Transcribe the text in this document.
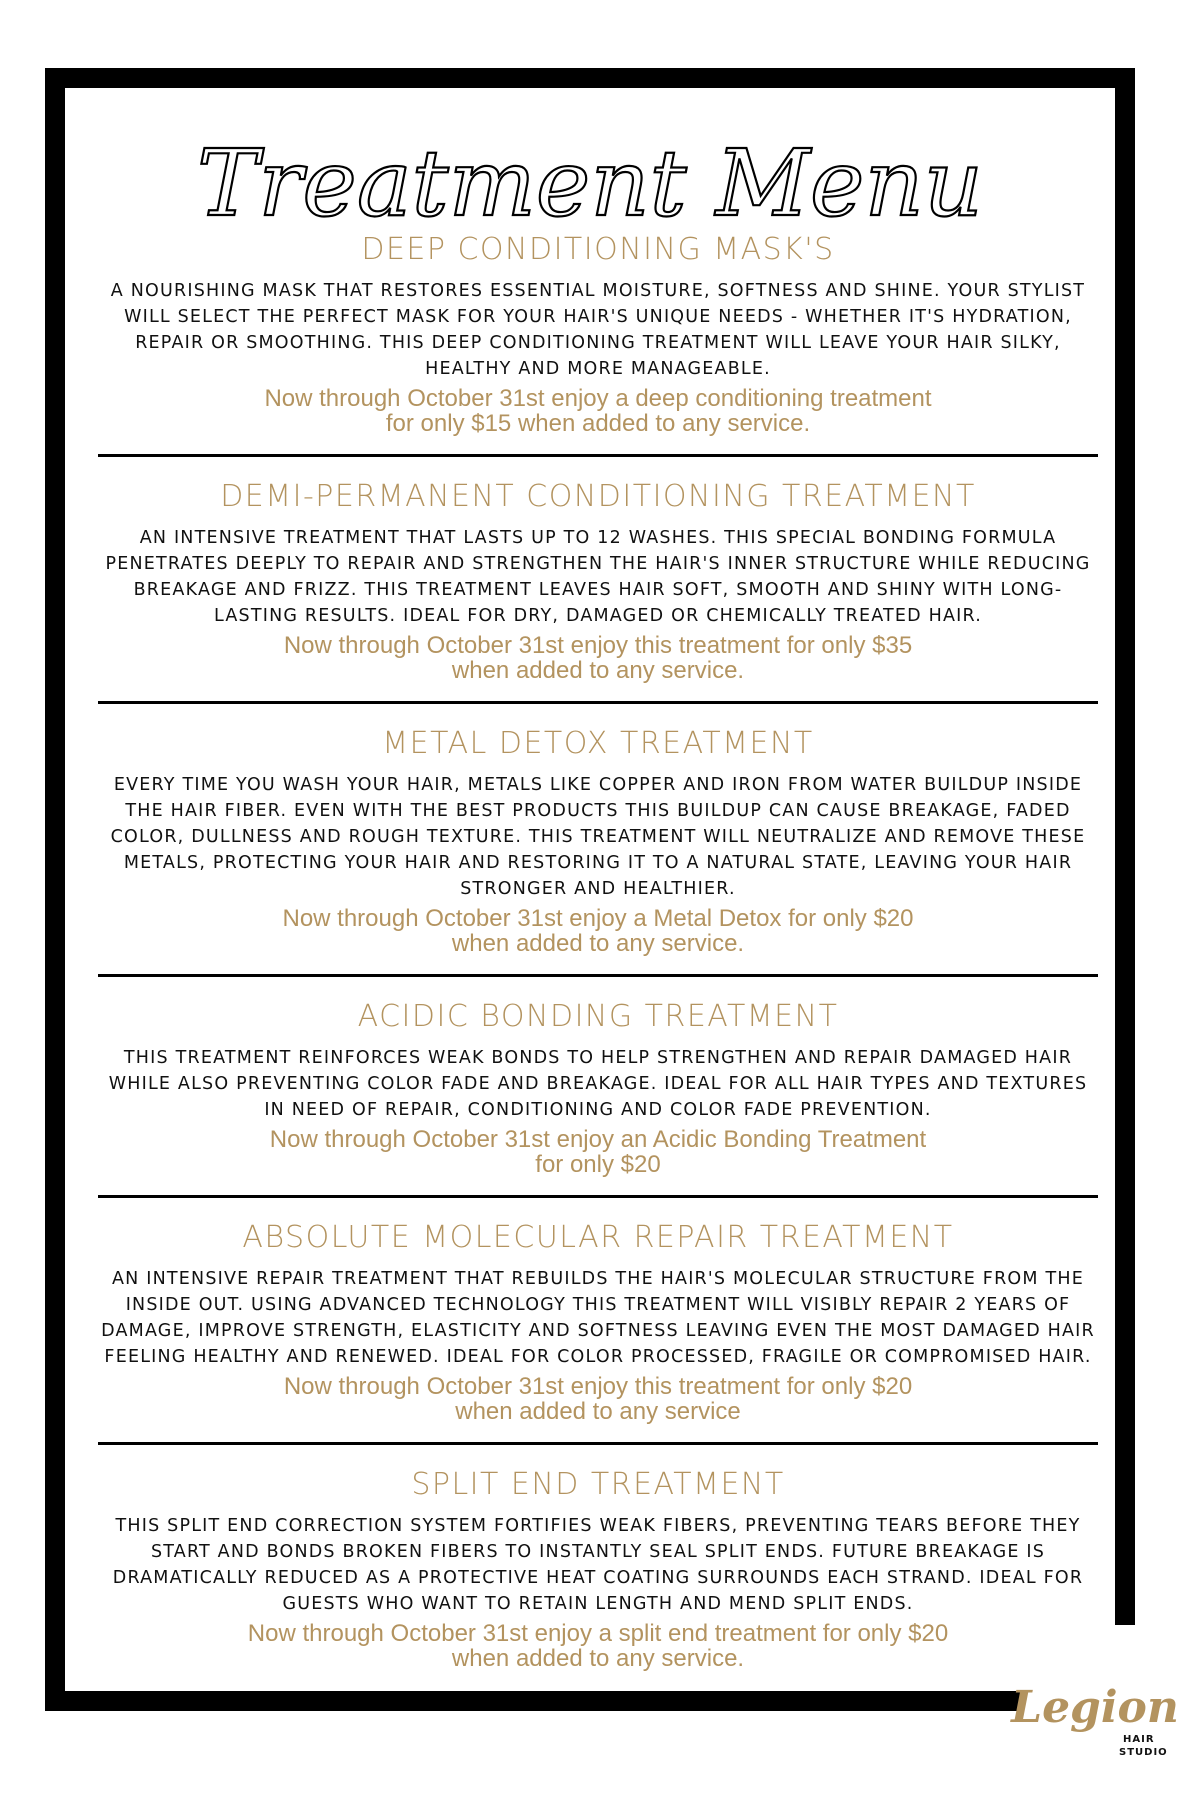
Treatment Menu
DEEP CONDITIONING MASK'S
A NOURISHING MASK THAT RESTORES ESSENTIAL MOISTURE, SOFTNESS AND SHINE. YOUR STYLIST WILL SELECT THE PERFECT MASK FOR YOUR HAIR'S UNIQUE NEEDS - WHETHER IT'S HYDRATION, REPAIR OR SMOOTHING. THIS DEEP CONDITIONING TREATMENT WILL LEAVE YOUR HAIR SILKY, HEALTHY AND MORE MANAGEABLE.
Now through October 31st enjoy a deep conditioning treatment
for only $15 when added to any service.
DEMI-PERMANENT CONDITIONING TREATMENT
AN INTENSIVE TREATMENT THAT LASTS UP TO 12 WASHES. THIS SPECIAL BONDING FORMULA PENETRATES DEEPLY TO REPAIR AND STRENGTHEN THE HAIR'S INNER STRUCTURE WHILE REDUCING BREAKAGE AND FRIZZ. THIS TREATMENT LEAVES HAIR SOFT, SMOOTH AND SHINY WITH LONG-LASTING RESULTS. IDEAL FOR DRY, DAMAGED OR CHEMICALLY TREATED HAIR.
Now through October 31st enjoy this treatment for only $35
when added to any service.
METAL DETOX TREATMENT
EVERY TIME YOU WASH YOUR HAIR, METALS LIKE COPPER AND IRON FROM WATER BUILDUP INSIDE THE HAIR FIBER. EVEN WITH THE BEST PRODUCTS THIS BUILDUP CAN CAUSE BREAKAGE, FADED COLOR, DULLNESS AND ROUGH TEXTURE. THIS TREATMENT WILL NEUTRALIZE AND REMOVE THESE METALS, PROTECTING YOUR HAIR AND RESTORING IT TO A NATURAL STATE, LEAVING YOUR HAIR STRONGER AND HEALTHIER.
Now through October 31st enjoy a Metal Detox for only $20
when added to any service.
ACIDIC BONDING TREATMENT
THIS TREATMENT REINFORCES WEAK BONDS TO HELP STRENGTHEN AND REPAIR DAMAGED HAIR WHILE ALSO PREVENTING COLOR FADE AND BREAKAGE. IDEAL FOR ALL HAIR TYPES AND TEXTURES IN NEED OF REPAIR, CONDITIONING AND COLOR FADE PREVENTION.
Now through October 31st enjoy an Acidic Bonding Treatment
for only $20
ABSOLUTE MOLECULAR REPAIR TREATMENT
AN INTENSIVE REPAIR TREATMENT THAT REBUILDS THE HAIR'S MOLECULAR STRUCTURE FROM THE INSIDE OUT. USING ADVANCED TECHNOLOGY THIS TREATMENT WILL VISIBLY REPAIR 2 YEARS OF DAMAGE, IMPROVE STRENGTH, ELASTICITY AND SOFTNESS LEAVING EVEN THE MOST DAMAGED HAIR FEELING HEALTHY AND RENEWED. IDEAL FOR COLOR PROCESSED, FRAGILE OR COMPROMISED HAIR.
Now through October 31st enjoy this treatment for only $20
when added to any service
SPLIT END TREATMENT
THIS SPLIT END CORRECTION SYSTEM FORTIFIES WEAK FIBERS, PREVENTING TEARS BEFORE THEY START AND BONDS BROKEN FIBERS TO INSTANTLY SEAL SPLIT ENDS. FUTURE BREAKAGE IS DRAMATICALLY REDUCED AS A PROTECTIVE HEAT COATING SURROUNDS EACH STRAND. IDEAL FOR GUESTS WHO WANT TO RETAIN LENGTH AND MEND SPLIT ENDS.
Now through October 31st enjoy a split end treatment for only $20
when added to any service.
Legion
HAIR
STUDIO
